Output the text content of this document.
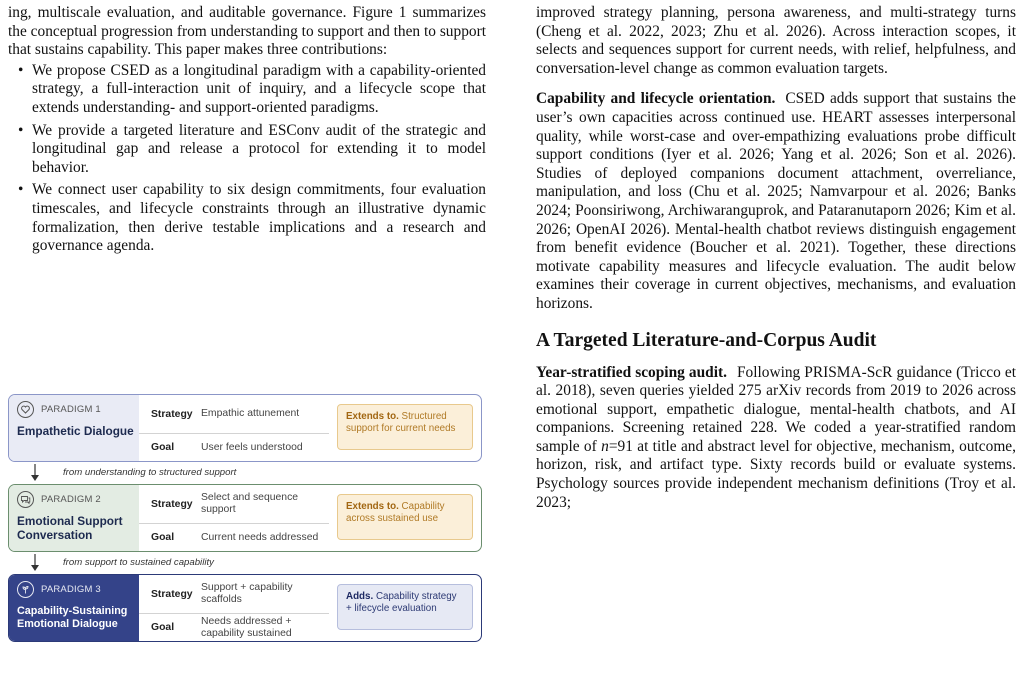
ing, multiscale evaluation, and auditable governance. Figure 1 summarizes the conceptual progression from understanding to support and then to support that sustains capability. This paper makes three contributions:

• We propose CSED as a longitudinal paradigm with a capability-oriented strategy, a full-interaction unit of inquiry, and a lifecycle scope that extends understanding- and support-oriented paradigms.
• We provide a targeted literature and ESConv audit of the strategic and longitudinal gap and release a protocol for extending it to model behavior.
• We connect user capability to six design commitments, four evaluation timescales, and lifecycle constraints through an illustrative dynamic formalization, then derive testable implications and a research and governance agenda.
PARADIGM 1
Empathetic Dialogue
Strategy Empathic attunement
Goal	User feels understood
Extends to. Structured support for current needs
from understanding to structured support
PARADIGM 2
Emotional Support Conversation
Strategy
Select and sequence support
Goal	Current needs addressed
Extends to. Capability across sustained use
from support to sustained capability
PARADIGM 3
Capability-Sustaining Emotional Dialogue
Strategy
Support + capability scaffolds
Goal
Needs addressed + capability sustained
Adds. Capability strategy + lifecycle evaluation

improved strategy planning, persona awareness, and multi-strategy turns (Cheng et al. 2022, 2023; Zhu et al. 2026). Across interaction scopes, it selects and sequences support for current needs, with relief, helpfulness, and conversation-level change as common evaluation targets.

Capability and lifecycle orientation. CSED adds support that sustains the user’s own capacities across continued use. HEART assesses interpersonal quality, while worst-case and over-empathizing evaluations probe difficult support conditions (Iyer et al. 2026; Yang et al. 2026; Son et al. 2026). Studies of deployed companions document attachment, overreliance, manipulation, and loss (Chu et al. 2025; Namvarpour et al. 2026; Banks 2024; Poonsiriwong, Archiwaranguprok, and Pataranutaporn 2026; Kim et al. 2026; OpenAI 2026). Mental-health chatbot reviews distinguish engagement from benefit evidence (Boucher et al. 2021). Together, these directions motivate capability measures and lifecycle evaluation. The audit below examines their coverage in current objectives, mechanisms, and evaluation horizons.

A Targeted Literature-and-Corpus Audit

Year-stratified scoping audit. Following PRISMA-ScR guidance (Tricco et al. 2018), seven queries yielded 275 arXiv records from 2019 to 2026 across emotional support, empathetic dialogue, mental-health chatbots, and AI companions. Screening retained 228. We coded a year-stratified random sample of n=91 at title and abstract level for objective, mechanism, outcome, horizon, risk, and artifact type. Sixty records build or evaluate systems. Psychology sources provide independent mechanism definitions (Troy et al. 2023;
